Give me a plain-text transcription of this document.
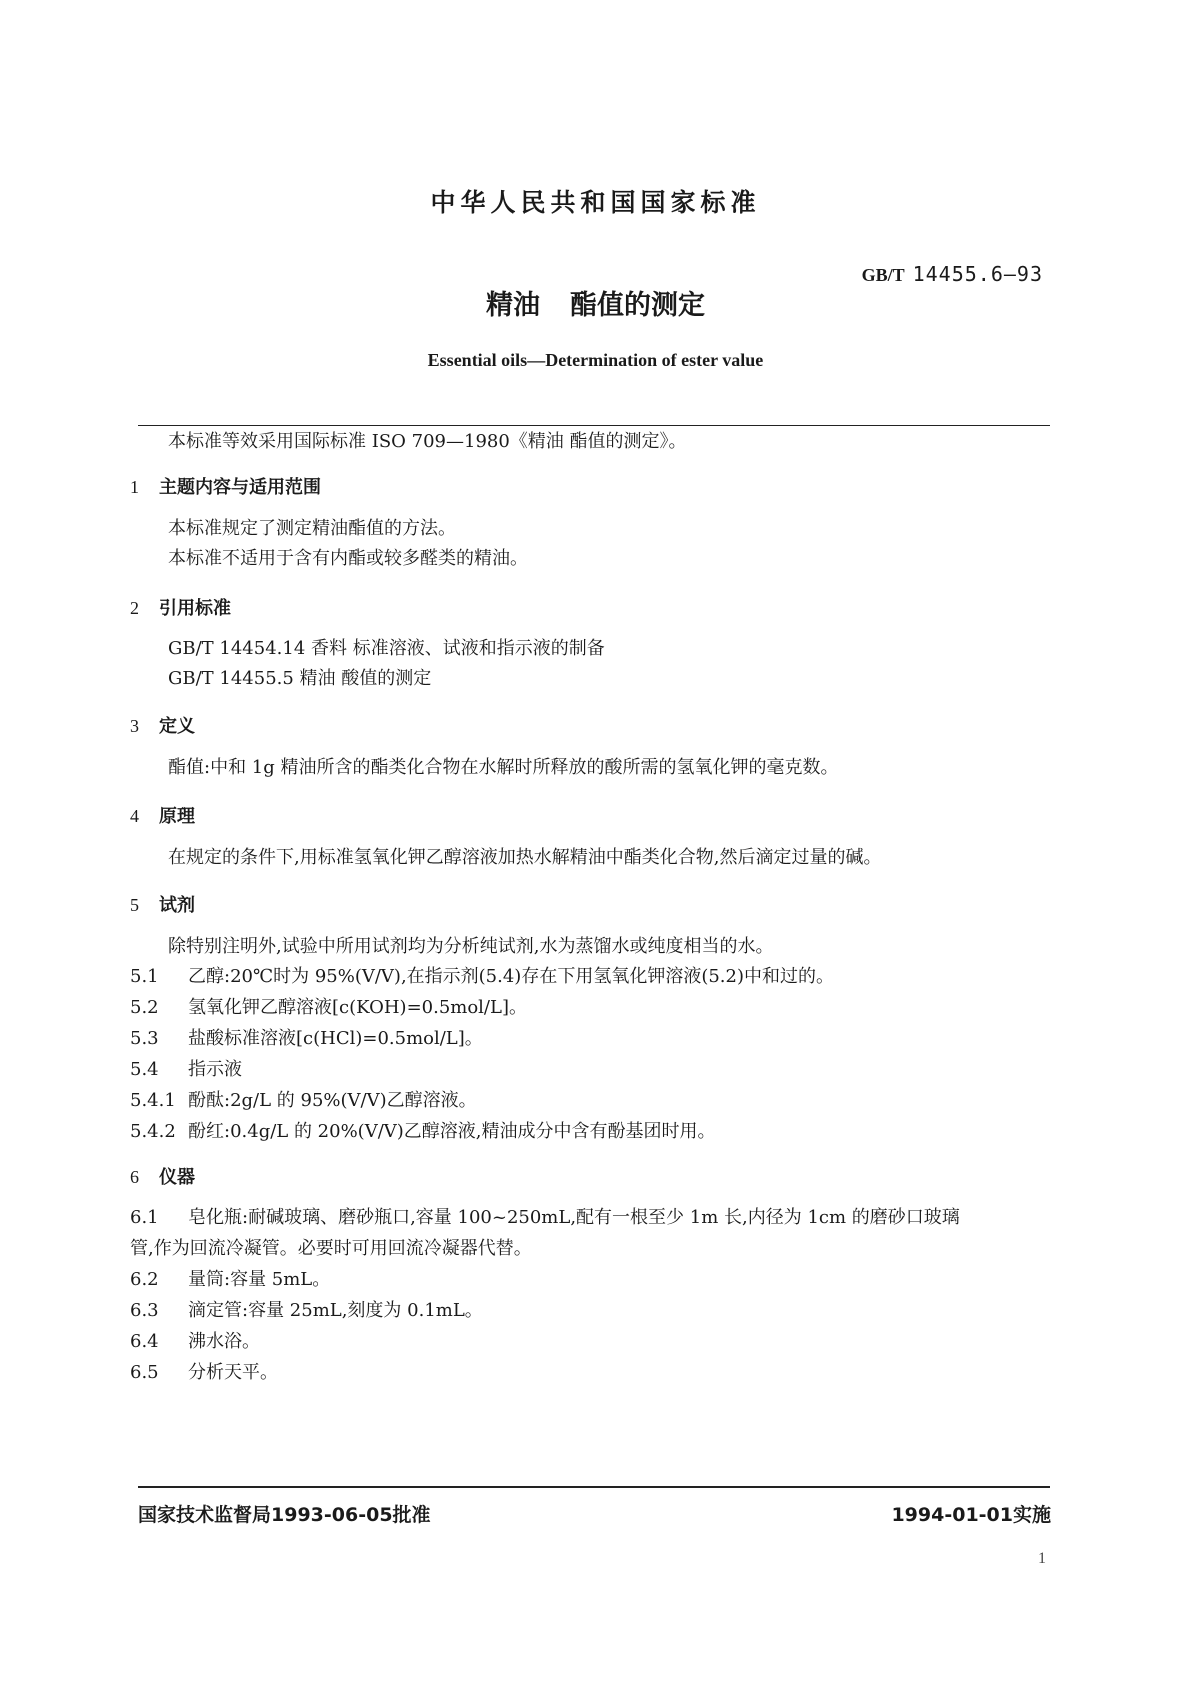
中华人民共和国国家标准
GB/T 14455.6—93
精油 酯值的测定
Essential oils—Determination of ester value
本标准等效采用国际标准 ISO 709—1980《精油 酯值的测定》。
1 主题内容与适用范围
本标准规定了测定精油酯值的方法。
本标准不适用于含有内酯或较多醛类的精油。
2 引用标准
GB/T 14454.14 香料 标准溶液、试液和指示液的制备
GB/T 14455.5 精油 酸值的测定
3 定义
酯值:中和 1g 精油所含的酯类化合物在水解时所释放的酸所需的氢氧化钾的毫克数。
4 原理
在规定的条件下,用标准氢氧化钾乙醇溶液加热水解精油中酯类化合物,然后滴定过量的碱。
5 试剂
除特别注明外,试验中所用试剂均为分析纯试剂,水为蒸馏水或纯度相当的水。
5.1 乙醇:20℃时为 95%(V/V),在指示剂(5.4)存在下用氢氧化钾溶液(5.2)中和过的。
5.2 氢氧化钾乙醇溶液[c(KOH)=0.5mol/L]。
5.3 盐酸标准溶液[c(HCl)=0.5mol/L]。
5.4 指示液
5.4.1 酚酞:2g/L 的 95%(V/V)乙醇溶液。
5.4.2 酚红:0.4g/L 的 20%(V/V)乙醇溶液,精油成分中含有酚基团时用。
6 仪器
6.1 皂化瓶:耐碱玻璃、磨砂瓶口,容量 100~250mL,配有一根至少 1m 长,内径为 1cm 的磨砂口玻璃
管,作为回流冷凝管。必要时可用回流冷凝器代替。
6.2 量筒:容量 5mL。
6.3 滴定管:容量 25mL,刻度为 0.1mL。
6.4 沸水浴。
6.5 分析天平。
国家技术监督局1993-06-05批准	1994-01-01实施
1
